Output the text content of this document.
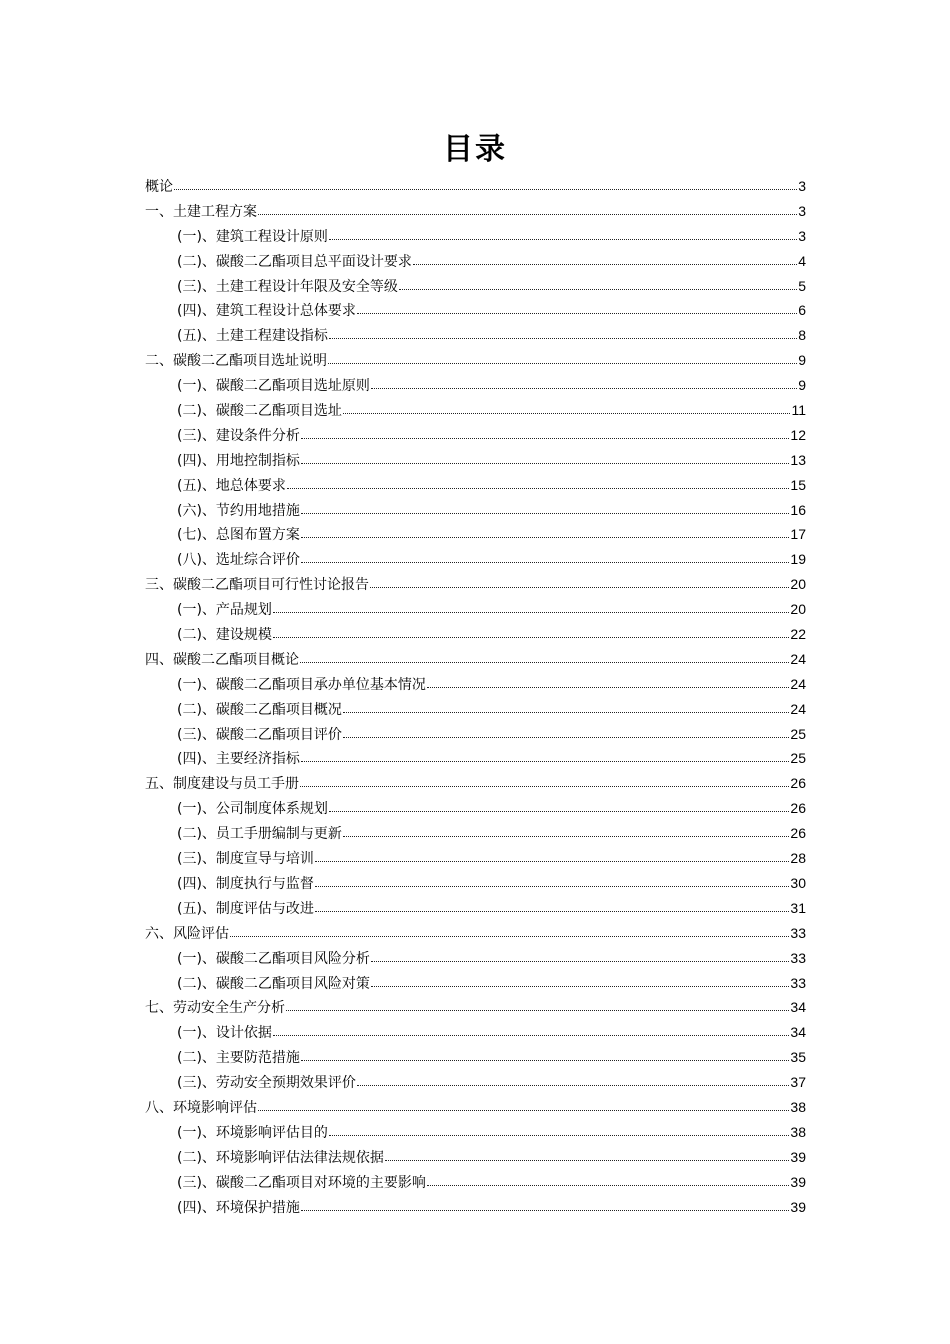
目录
概论	3
一、土建工程方案	3
(一)、建筑工程设计原则	3
(二)、碳酸二乙酯项目总平面设计要求	4
(三)、土建工程设计年限及安全等级	5
(四)、建筑工程设计总体要求	6
(五)、土建工程建设指标	8
二、碳酸二乙酯项目选址说明	9
(一)、碳酸二乙酯项目选址原则	9
(二)、碳酸二乙酯项目选址	11
(三)、建设条件分析	12
(四)、用地控制指标	13
(五)、地总体要求	15
(六)、节约用地措施	16
(七)、总图布置方案	17
(八)、选址综合评价	19
三、碳酸二乙酯项目可行性讨论报告	20
(一)、产品规划	20
(二)、建设规模	22
四、碳酸二乙酯项目概论	24
(一)、碳酸二乙酯项目承办单位基本情况	24
(二)、碳酸二乙酯项目概况	24
(三)、碳酸二乙酯项目评价	25
(四)、主要经济指标	25
五、制度建设与员工手册	26
(一)、公司制度体系规划	26
(二)、员工手册编制与更新	26
(三)、制度宣导与培训	28
(四)、制度执行与监督	30
(五)、制度评估与改进	31
六、风险评估	33
(一)、碳酸二乙酯项目风险分析	33
(二)、碳酸二乙酯项目风险对策	33
七、劳动安全生产分析	34
(一)、设计依据	34
(二)、主要防范措施	35
(三)、劳动安全预期效果评价	37
八、环境影响评估	38
(一)、环境影响评估目的	38
(二)、环境影响评估法律法规依据	39
(三)、碳酸二乙酯项目对环境的主要影响	39
(四)、环境保护措施	39
